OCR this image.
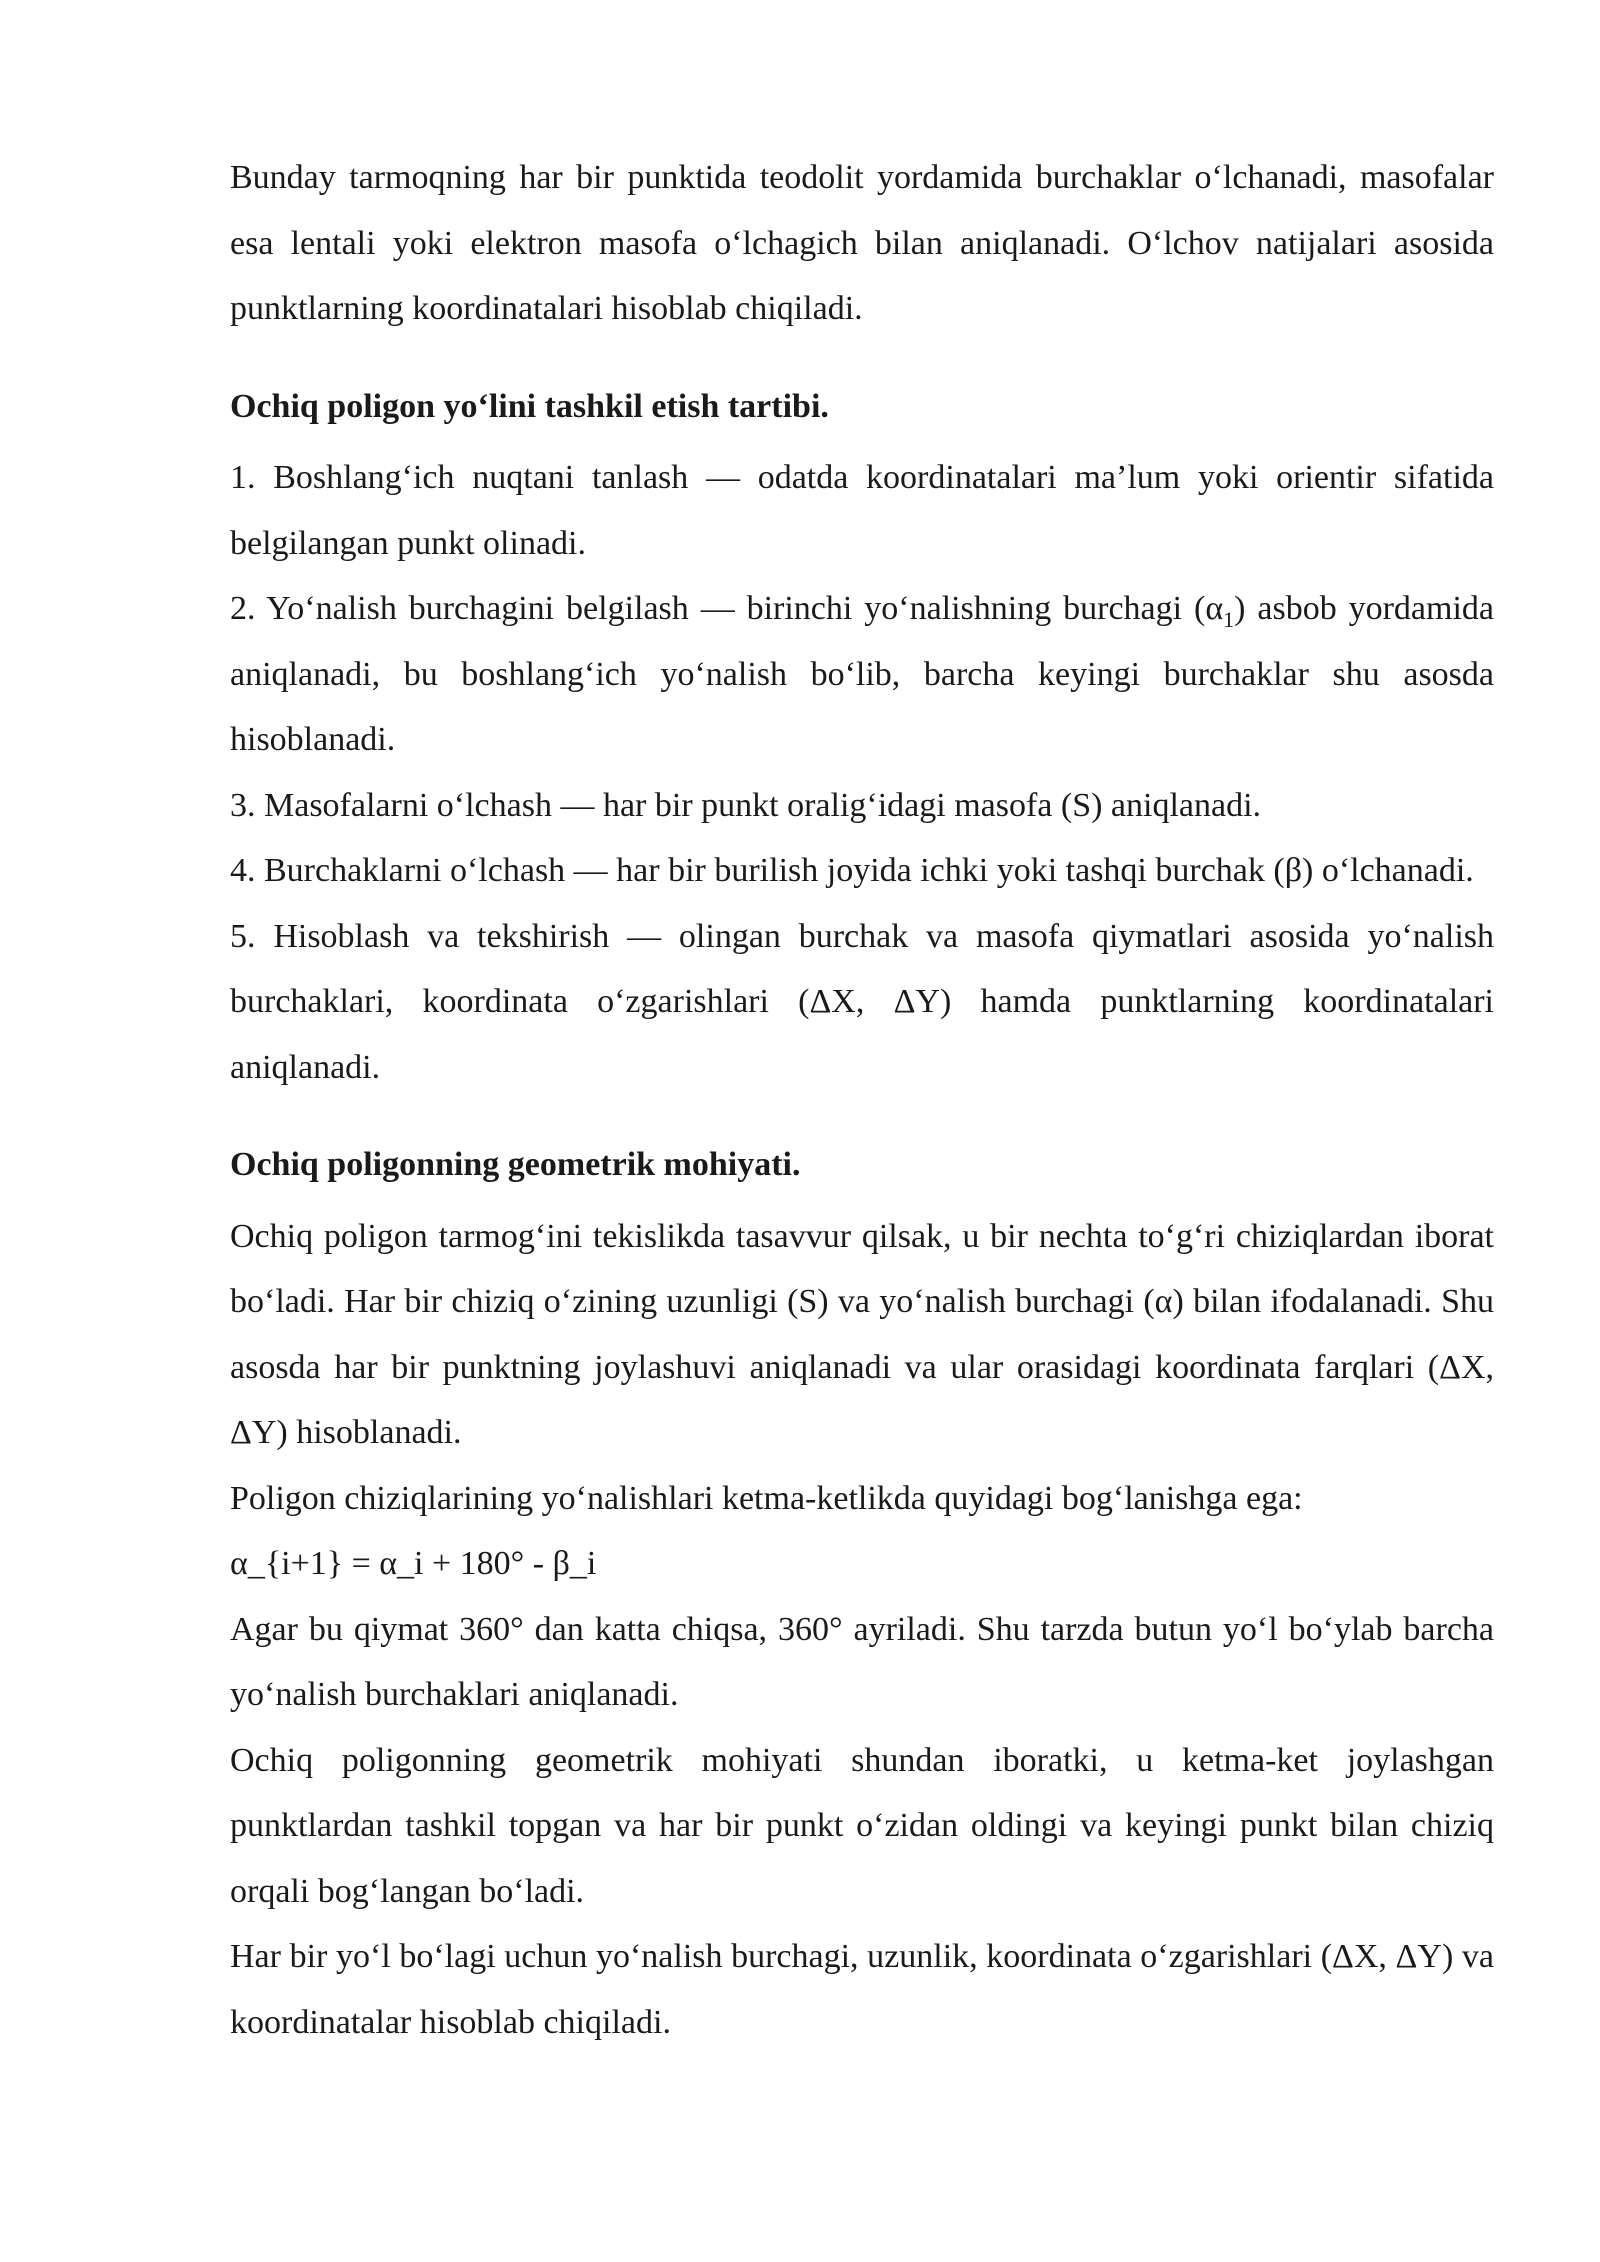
Bunday tarmoqning har bir punktida teodolit yordamida burchaklar o‘lchanadi, masofalar esa lentali yoki elektron masofa o‘lchagich bilan aniqlanadi. O‘lchov natijalari asosida punktlarning koordinatalari hisoblab chiqiladi.

Ochiq poligon yo‘lini tashkil etish tartibi.

1. Boshlang‘ich nuqtani tanlash — odatda koordinatalari ma’lum yoki orientir sifatida belgilangan punkt olinadi.

2. Yo‘nalish burchagini belgilash — birinchi yo‘nalishning burchagi $(\alpha_1)$ asbob yordamida aniqlanadi, bu boshlang‘ich yo‘nalish bo‘lib, barcha keyingi burchaklar shu asosda hisoblanadi.

3. Masofalarni o‘lchash — har bir punkt oralig‘idagi masofa (S) aniqlanadi.

4. Burchaklarni o‘lchash — har bir burilish joyida ichki yoki tashqi burchak (β) o‘lchanadi.

5. Hisoblash va tekshirish — olingan burchak va masofa qiymatlari asosida yo‘nalish burchaklari, koordinata o‘zgarishlari (ΔX, ΔY) hamda punktlarning koordinatalari aniqlanadi.

Ochiq poligonning geometrik mohiyati.

Ochiq poligon tarmog‘ini tekislikda tasavvur qilsak, u bir nechta to‘g‘ri chiziqlardan iborat bo‘ladi. Har bir chiziq o‘zining uzunligi (S) va yo‘nalish burchagi (α) bilan ifodalanadi. Shu asosda har bir punktning joylashuvi aniqlanadi va ular orasidagi koordinata farqlari (ΔX, ΔY) hisoblanadi.

Poligon chiziqlarining yo‘nalishlari ketma-ketlikda quyidagi bog‘lanishga ega:

α_{i+1} = α_i + 180° - β_i

Agar bu qiymat 360° dan katta chiqsa, 360° ayriladi. Shu tarzda butun yo‘l bo‘ylab barcha yo‘nalish burchaklari aniqlanadi.

Ochiq poligonning geometrik mohiyati shundan iboratki, u ketma-ket joylashgan punktlardan tashkil topgan va har bir punkt o‘zidan oldingi va keyingi punkt bilan chiziq orqali bog‘langan bo‘ladi.

Har bir yo‘l bo‘lagi uchun yo‘nalish burchagi, uzunlik, koordinata o‘zgarishlari (ΔX, ΔY) va koordinatalar hisoblab chiqiladi.
